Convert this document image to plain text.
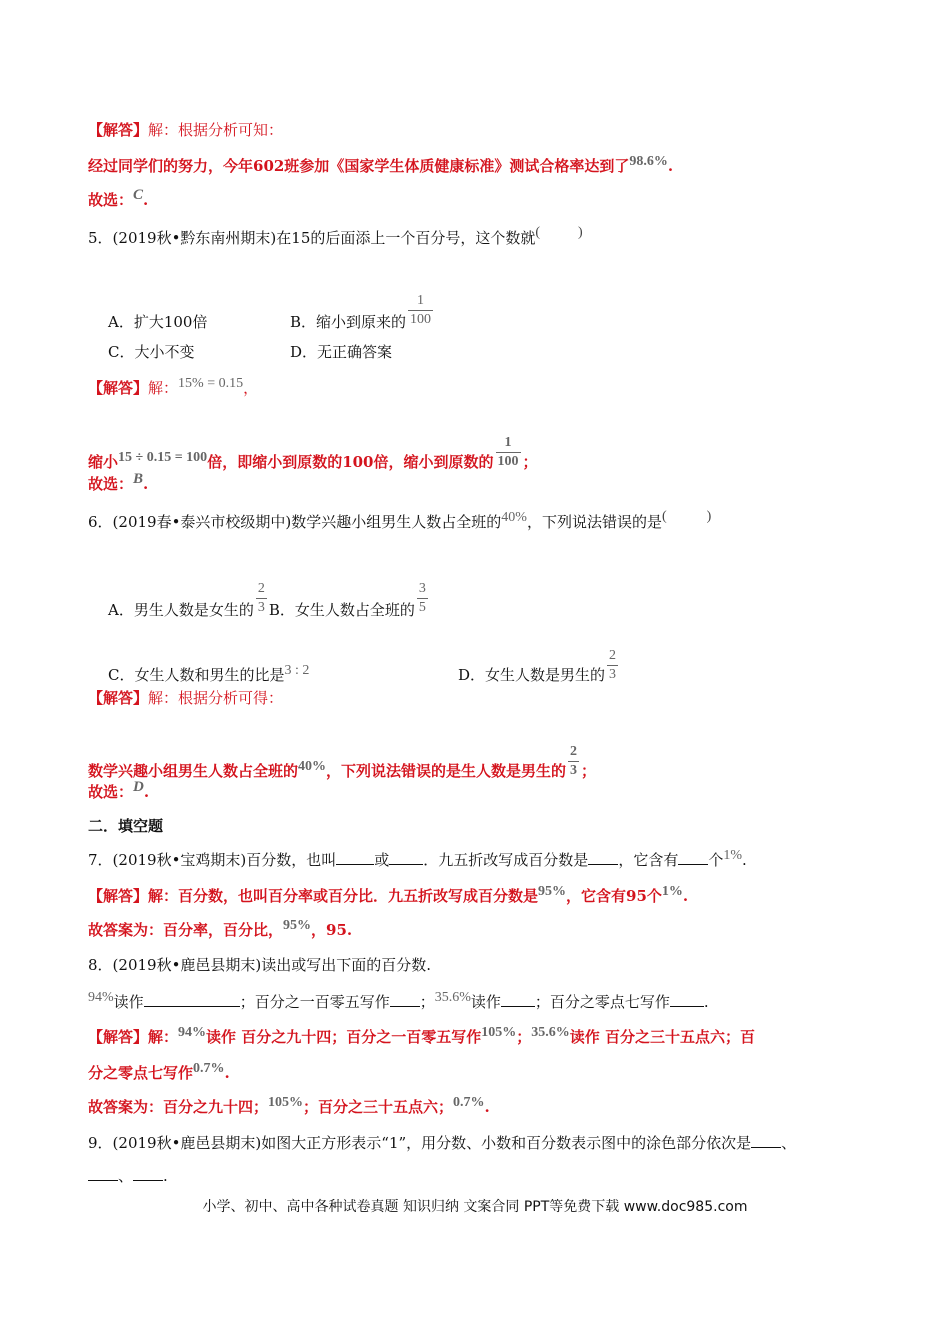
【解答】解：根据分析可知：
经过同学们的努力，今年602班参加《国家学生体质健康标准》测试合格率达到了98.6%.
故选：C.
5．(2019秋•黔东南州期末)在15的后面添上一个百分号，这个数就(	)
A．扩大100倍	B．缩小到原来的 $\frac{1}{100}$
C．大小不变	D．无正确答案
【解答】解：15% = 0.15，
缩小15 ÷ 0.15 = 100倍，即缩小到原数的100倍，缩小到原数的 $\frac{1}{100}$ ；
故选：B.
6．(2019春•泰兴市校级期中)数学兴趣小组男生人数占全班的40%，下列说法错误的是(	)
A．男生人数是女生的 $\frac{2}{3}$ B．女生人数占全班的 $\frac{3}{5}$
C．女生人数和男生的比是3 : 2	D．女生人数是男生的 $\frac{2}{3}$
【解答】解：根据分析可得：
数学兴趣小组男生人数占全班的40%，下列说法错误的是生人数是男生的 $\frac{2}{3}$ ；
故选：D.
二．填空题
7．(2019秋•宝鸡期末)百分数，也叫	或 ．九五折改写成百分数是 ，它含有 个1%.
【解答】解：百分数，也叫百分率或百分比．九五折改写成百分数是95%，它含有95个1%.
故答案为：百分率，百分比，95%，95.
8．(2019秋•鹿邑县期末)读出或写出下面的百分数.
94%读作	；百分之一百零五写作 ；35.6%读作 ；百分之零点七写作 .
【解答】解：94%读作 百分之九十四；百分之一百零五写作105%；35.6%读作 百分之三十五点六；百
分之零点七写作0.7%.
故答案为：百分之九十四；105%；百分之三十五点六；0.7%.
9．(2019秋•鹿邑县期末)如图大正方形表示“1”，用分数、小数和百分数表示图中的涂色部分依次是 、
、 .
小学、初中、高中各种试卷真题 知识归纳 文案合同 PPT等免费下载 www.doc985.com
